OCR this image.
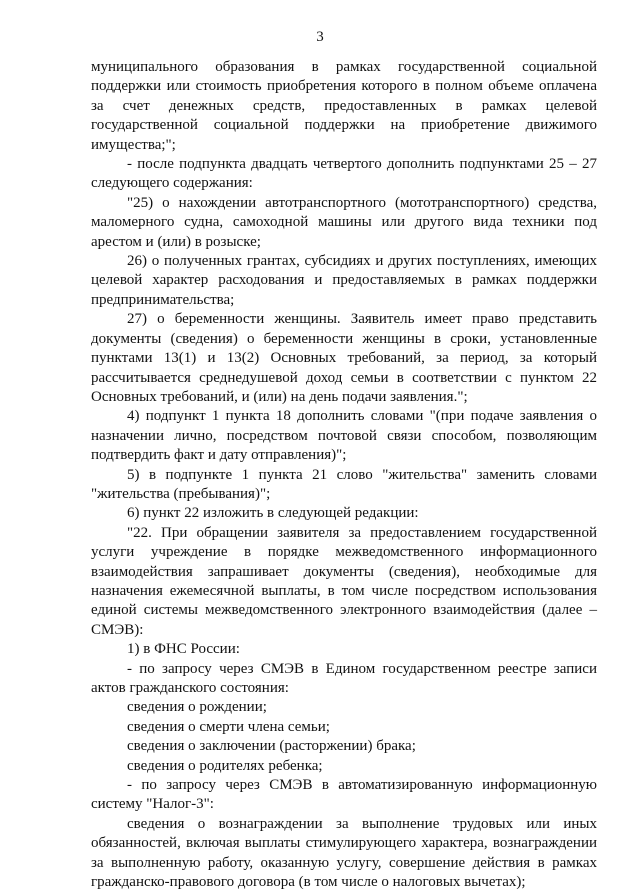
3

муниципального образования в рамках государственной социальной поддержки или стоимость приобретения которого в полном объеме оплачена за счет денежных средств, предоставленных в рамках целевой государственной социальной поддержки на приобретение движимого имущества;";

- после подпункта двадцать четвертого дополнить подпунктами 25 – 27 следующего содержания:

"25) о нахождении автотранспортного (мототранспортного) средства, маломерного судна, самоходной машины или другого вида техники под арестом и (или) в розыске;

26) о полученных грантах, субсидиях и других поступлениях, имеющих целевой характер расходования и предоставляемых в рамках поддержки предпринимательства;

27) о беременности женщины. Заявитель имеет право представить документы (сведения) о беременности женщины в сроки, установленные пунктами 13(1) и 13(2) Основных требований, за период, за который рассчитывается среднедушевой доход семьи в соответствии с пунктом 22 Основных требований, и (или) на день подачи заявления.";

4) подпункт 1 пункта 18 дополнить словами "(при подаче заявления о назначении лично, посредством почтовой связи способом, позволяющим подтвердить факт и дату отправления)";

5) в подпункте 1 пункта 21 слово "жительства" заменить словами "жительства (пребывания)";

6) пункт 22 изложить в следующей редакции:

"22. При обращении заявителя за предоставлением государственной услуги учреждение в порядке межведомственного информационного взаимодействия запрашивает документы (сведения), необходимые для назначения ежемесячной выплаты, в том числе посредством использования единой системы межведомственного электронного взаимодействия (далее – СМЭВ):

1) в ФНС России:

- по запросу через СМЭВ в Едином государственном реестре записи актов гражданского состояния:

сведения о рождении;

сведения о смерти члена семьи;

сведения о заключении (расторжении) брака;

сведения о родителях ребенка;

- по запросу через СМЭВ в автоматизированную информационную систему "Налог-3":

сведения о вознаграждении за выполнение трудовых или иных обязанностей, включая выплаты стимулирующего характера, вознаграждении за выполненную работу, оказанную услугу, совершение действия в рамках гражданско-правового договора (в том числе о налоговых вычетах);
